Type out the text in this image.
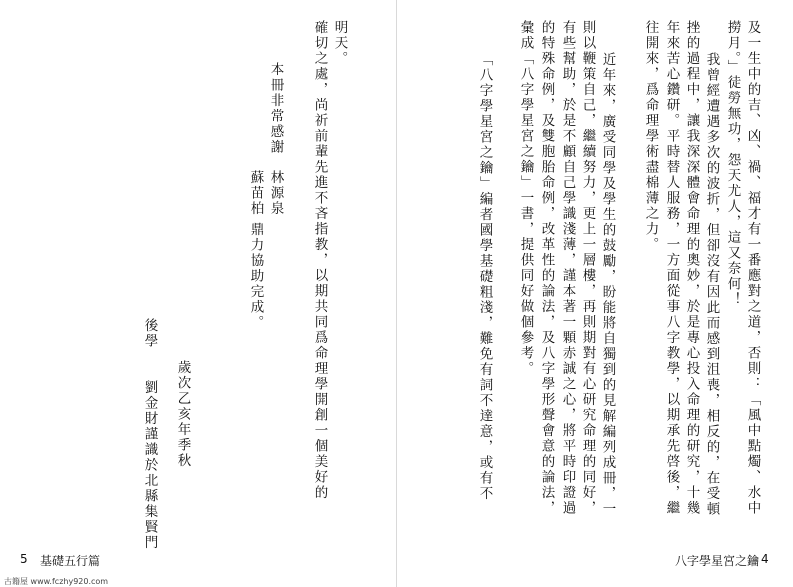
及一生中的吉、凶、禍、福才有一番應對之道，否則：「風中點燭、水中
撈月。」徒勞無功，怨天尤人，這又奈何！
我曾經遭遇多次的波折，但卻沒有因此而感到沮喪，相反的，在受頓
挫的過程中，讓我深深體會命理的奧妙，於是專心投入命理的研究，十幾
年來苦心鑽研。平時替人服務，一方面從事八字教學，以期承先啓後，繼
往開來，爲命理學術盡棉薄之力。
近年來，廣受同學及學生的鼓勵，盼能將自獨到的見解編列成冊，一
則以鞭策自己，繼續努力，更上一層樓，再則期對有心研究命理的同好，
有些幫助，於是不顧自己學識淺薄，謹本著一顆赤誠之心，將平時印證過
的特殊命例，及雙胞胎命例，改革性的論法，及八字學形聲會意的論法，
彙成「八字學星宮之鑰」一書，提供同好做個參考。
「八字學星宮之鑰」編者國學基礎粗淺，難免有詞不達意，或有不
八字學星宮之鑰 4
明天。
確切之處，尚祈前輩先進不吝指教，以期共同爲命理學開創一個美好的
本冊非常感謝
林源泉
蘇苗柏
鼎力協助完成。
歲次乙亥年季秋
後學
劉金財謹識於北縣集賢門
5 基礎五行篇
古籍屋 www.fczhy920.com
